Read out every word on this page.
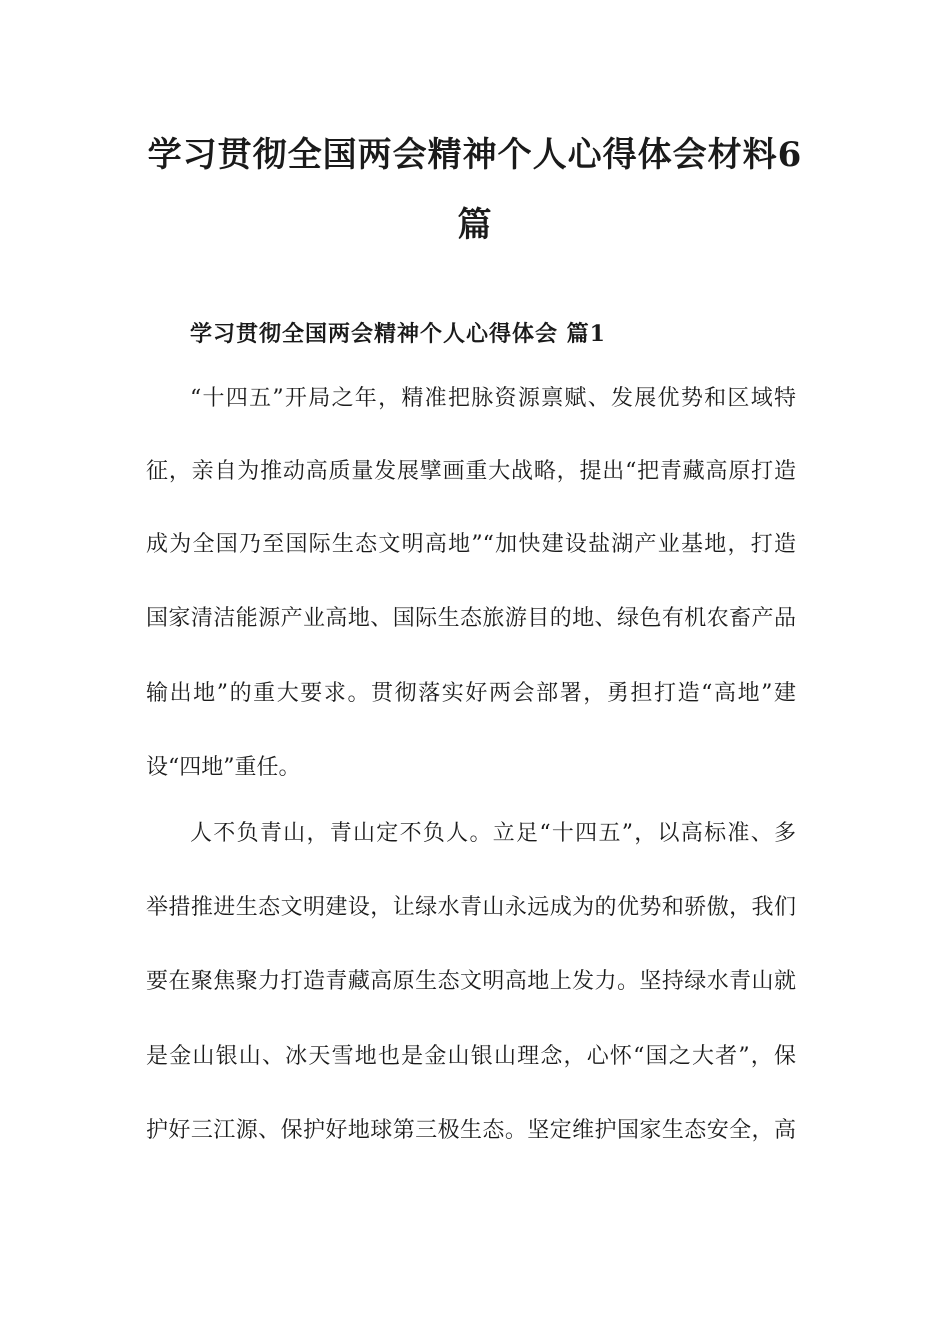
学习贯彻全国两会精神个人心得体会材料6
篇
学习贯彻全国两会精神个人心得体会 篇1

“十四五”开局之年，精准把脉资源禀赋、发展优势和区域特

征，亲自为推动高质量发展擘画重大战略，提出“把青藏高原打造

成为全国乃至国际生态文明高地”“加快建设盐湖产业基地，打造

国家清洁能源产业高地、国际生态旅游目的地、绿色有机农畜产品

输出地”的重大要求。贯彻落实好两会部署，勇担打造“高地”建

设“四地”重任。

人不负青山，青山定不负人。立足“十四五”，以高标准、多

举措推进生态文明建设，让绿水青山永远成为的优势和骄傲，我们

要在聚焦聚力打造青藏高原生态文明高地上发力。坚持绿水青山就

是金山银山、冰天雪地也是金山银山理念，心怀“国之大者”，保

护好三江源、保护好地球第三极生态。坚定维护国家生态安全，高
